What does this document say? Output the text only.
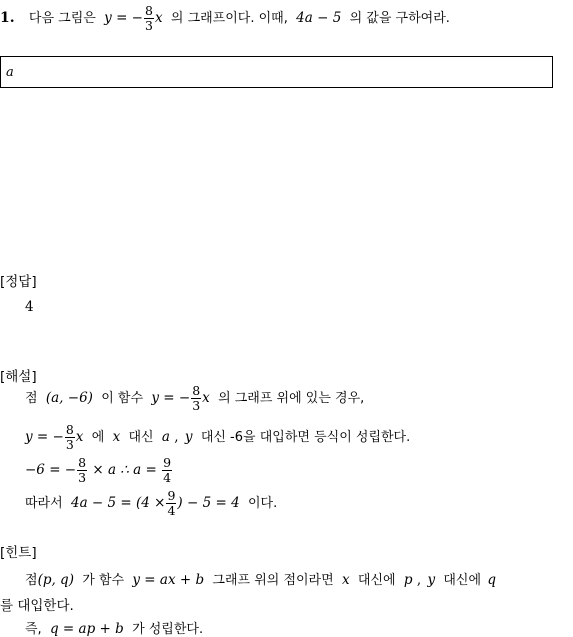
1. 다음 그림은 y = − $\frac{8}{3}$ x 의 그래프이다. 이때, 4a − 5 의 값을 구하여라.
a
[정답]
4
[해설]
점 (a, −6) 이 함수 y = − $\frac{8}{3}$ x 의 그래프 위에 있는 경우,
y = − $\frac{8}{3}$ x 에 x 대신 a , y 대신 -6을 대입하면 등식이 성립한다.
−6 = − $\frac{8}{3} \times a$ ∴ $a = \frac{9}{4}$
따라서 $4a - 5 = (4 \times \frac{9}{4}$ ) − 5 = 4 이다.
[힌트]
점(p, q) 가 함수 y = ax + b 그래프 위의 점이라면 x 대신에 p , y 대신에 q
를 대입한다.
즉, q = ap + b 가 성립한다.
